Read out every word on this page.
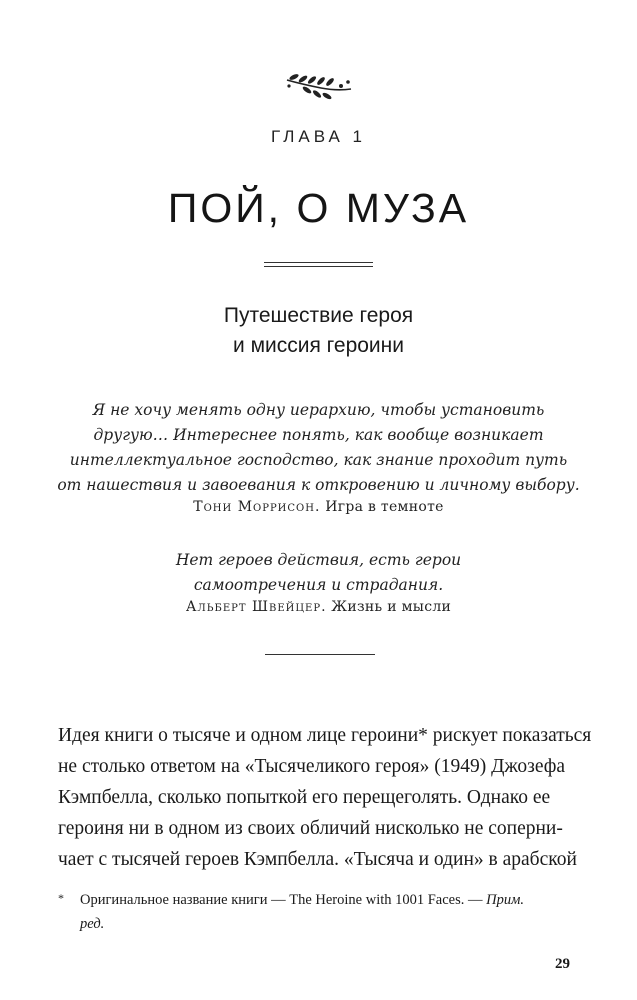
ГЛАВА 1
ПОЙ, О МУЗА
Путешествие героя
и миссия героини
Я не хочу менять одну иерархию, чтобы установить
другую… Интереснее понять, как вообще возникает
интеллектуальное господство, как знание проходит путь
от нашествия и завоевания к откровению и личному выбору.
Тони Моррисон. Игра в темноте
Нет героев действия, есть герои
самоотречения и страдания.
Альберт Швейцер. Жизнь и мысли
Идея книги о тысяче и одном лице героини* рискует показаться
не столько ответом на «Тысячеликого героя» (1949) Джозефа
Кэмпбелла, сколько попыткой его перещеголять. Однако ее
героиня ни в одном из своих обличий нисколько не соперни-
чает с тысячей героев Кэмпбелла. «Тысяча и один» в арабской
*	Оригинальное название книги — The Heroine with 1001 Faces. — Прим.
ред.
29
